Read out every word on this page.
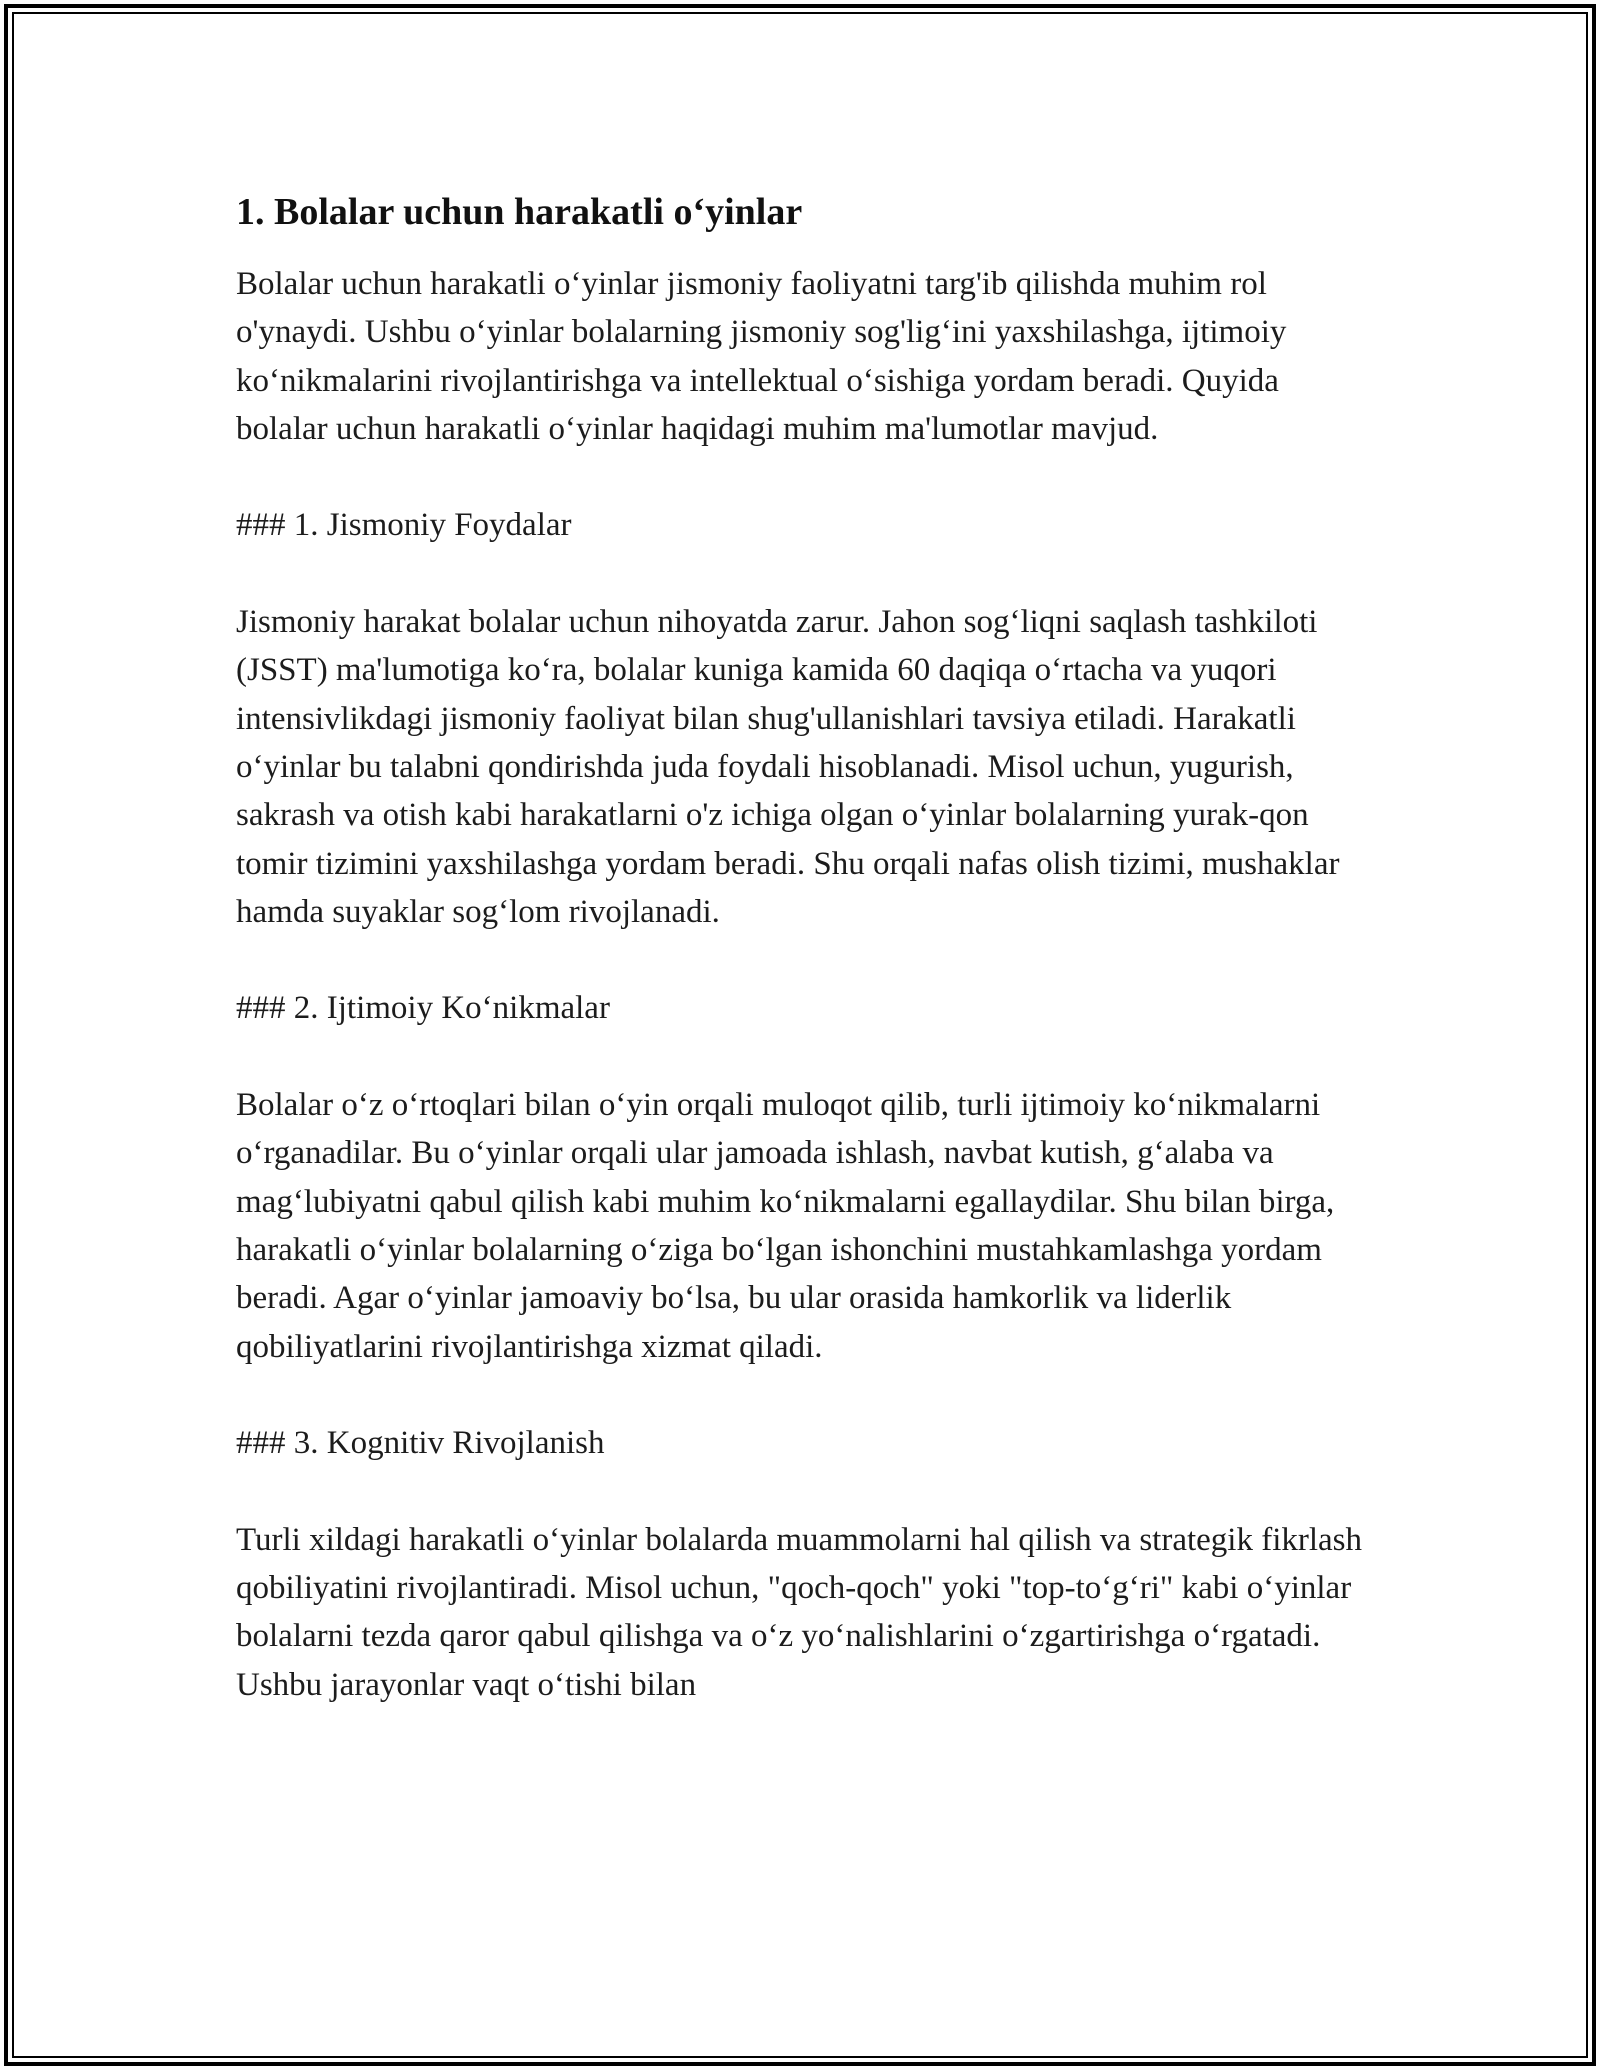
1. Bolalar uchun harakatli o‘yinlar

Bolalar uchun harakatli o‘yinlar jismoniy faoliyatni targ'ib qilishda muhim rol o'ynaydi. Ushbu o‘yinlar bolalarning jismoniy sog'lig‘ini yaxshilashga, ijtimoiy ko‘nikmalarini rivojlantirishga va intellektual o‘sishiga yordam beradi. Quyida bolalar uchun harakatli o‘yinlar haqidagi muhim ma'lumotlar mavjud.

### 1. Jismoniy Foydalar

Jismoniy harakat bolalar uchun nihoyatda zarur. Jahon sog‘liqni saqlash tashkiloti (JSST) ma'lumotiga ko‘ra, bolalar kuniga kamida 60 daqiqa o‘rtacha va yuqori intensivlikdagi jismoniy faoliyat bilan shug'ullanishlari tavsiya etiladi. Harakatli o‘yinlar bu talabni qondirishda juda foydali hisoblanadi. Misol uchun, yugurish, sakrash va otish kabi harakatlarni o'z ichiga olgan o‘yinlar bolalarning yurak-qon tomir tizimini yaxshilashga yordam beradi. Shu orqali nafas olish tizimi, mushaklar hamda suyaklar sog‘lom rivojlanadi.

### 2. Ijtimoiy Ko‘nikmalar

Bolalar o‘z o‘rtoqlari bilan o‘yin orqali muloqot qilib, turli ijtimoiy ko‘nikmalarni o‘rganadilar. Bu o‘yinlar orqali ular jamoada ishlash, navbat kutish, g‘alaba va mag‘lubiyatni qabul qilish kabi muhim ko‘nikmalarni egallaydilar. Shu bilan birga, harakatli o‘yinlar bolalarning o‘ziga bo‘lgan ishonchini mustahkamlashga yordam beradi. Agar o‘yinlar jamoaviy bo‘lsa, bu ular orasida hamkorlik va liderlik qobiliyatlarini rivojlantirishga xizmat qiladi.

### 3. Kognitiv Rivojlanish

Turli xildagi harakatli o‘yinlar bolalarda muammolarni hal qilish va strategik fikrlash qobiliyatini rivojlantiradi. Misol uchun, "qoch-qoch" yoki "top-to‘g‘ri" kabi o‘yinlar bolalarni tezda qaror qabul qilishga va o‘z yo‘nalishlarini o‘zgartirishga o‘rgatadi. Ushbu jarayonlar vaqt o‘tishi bilan
